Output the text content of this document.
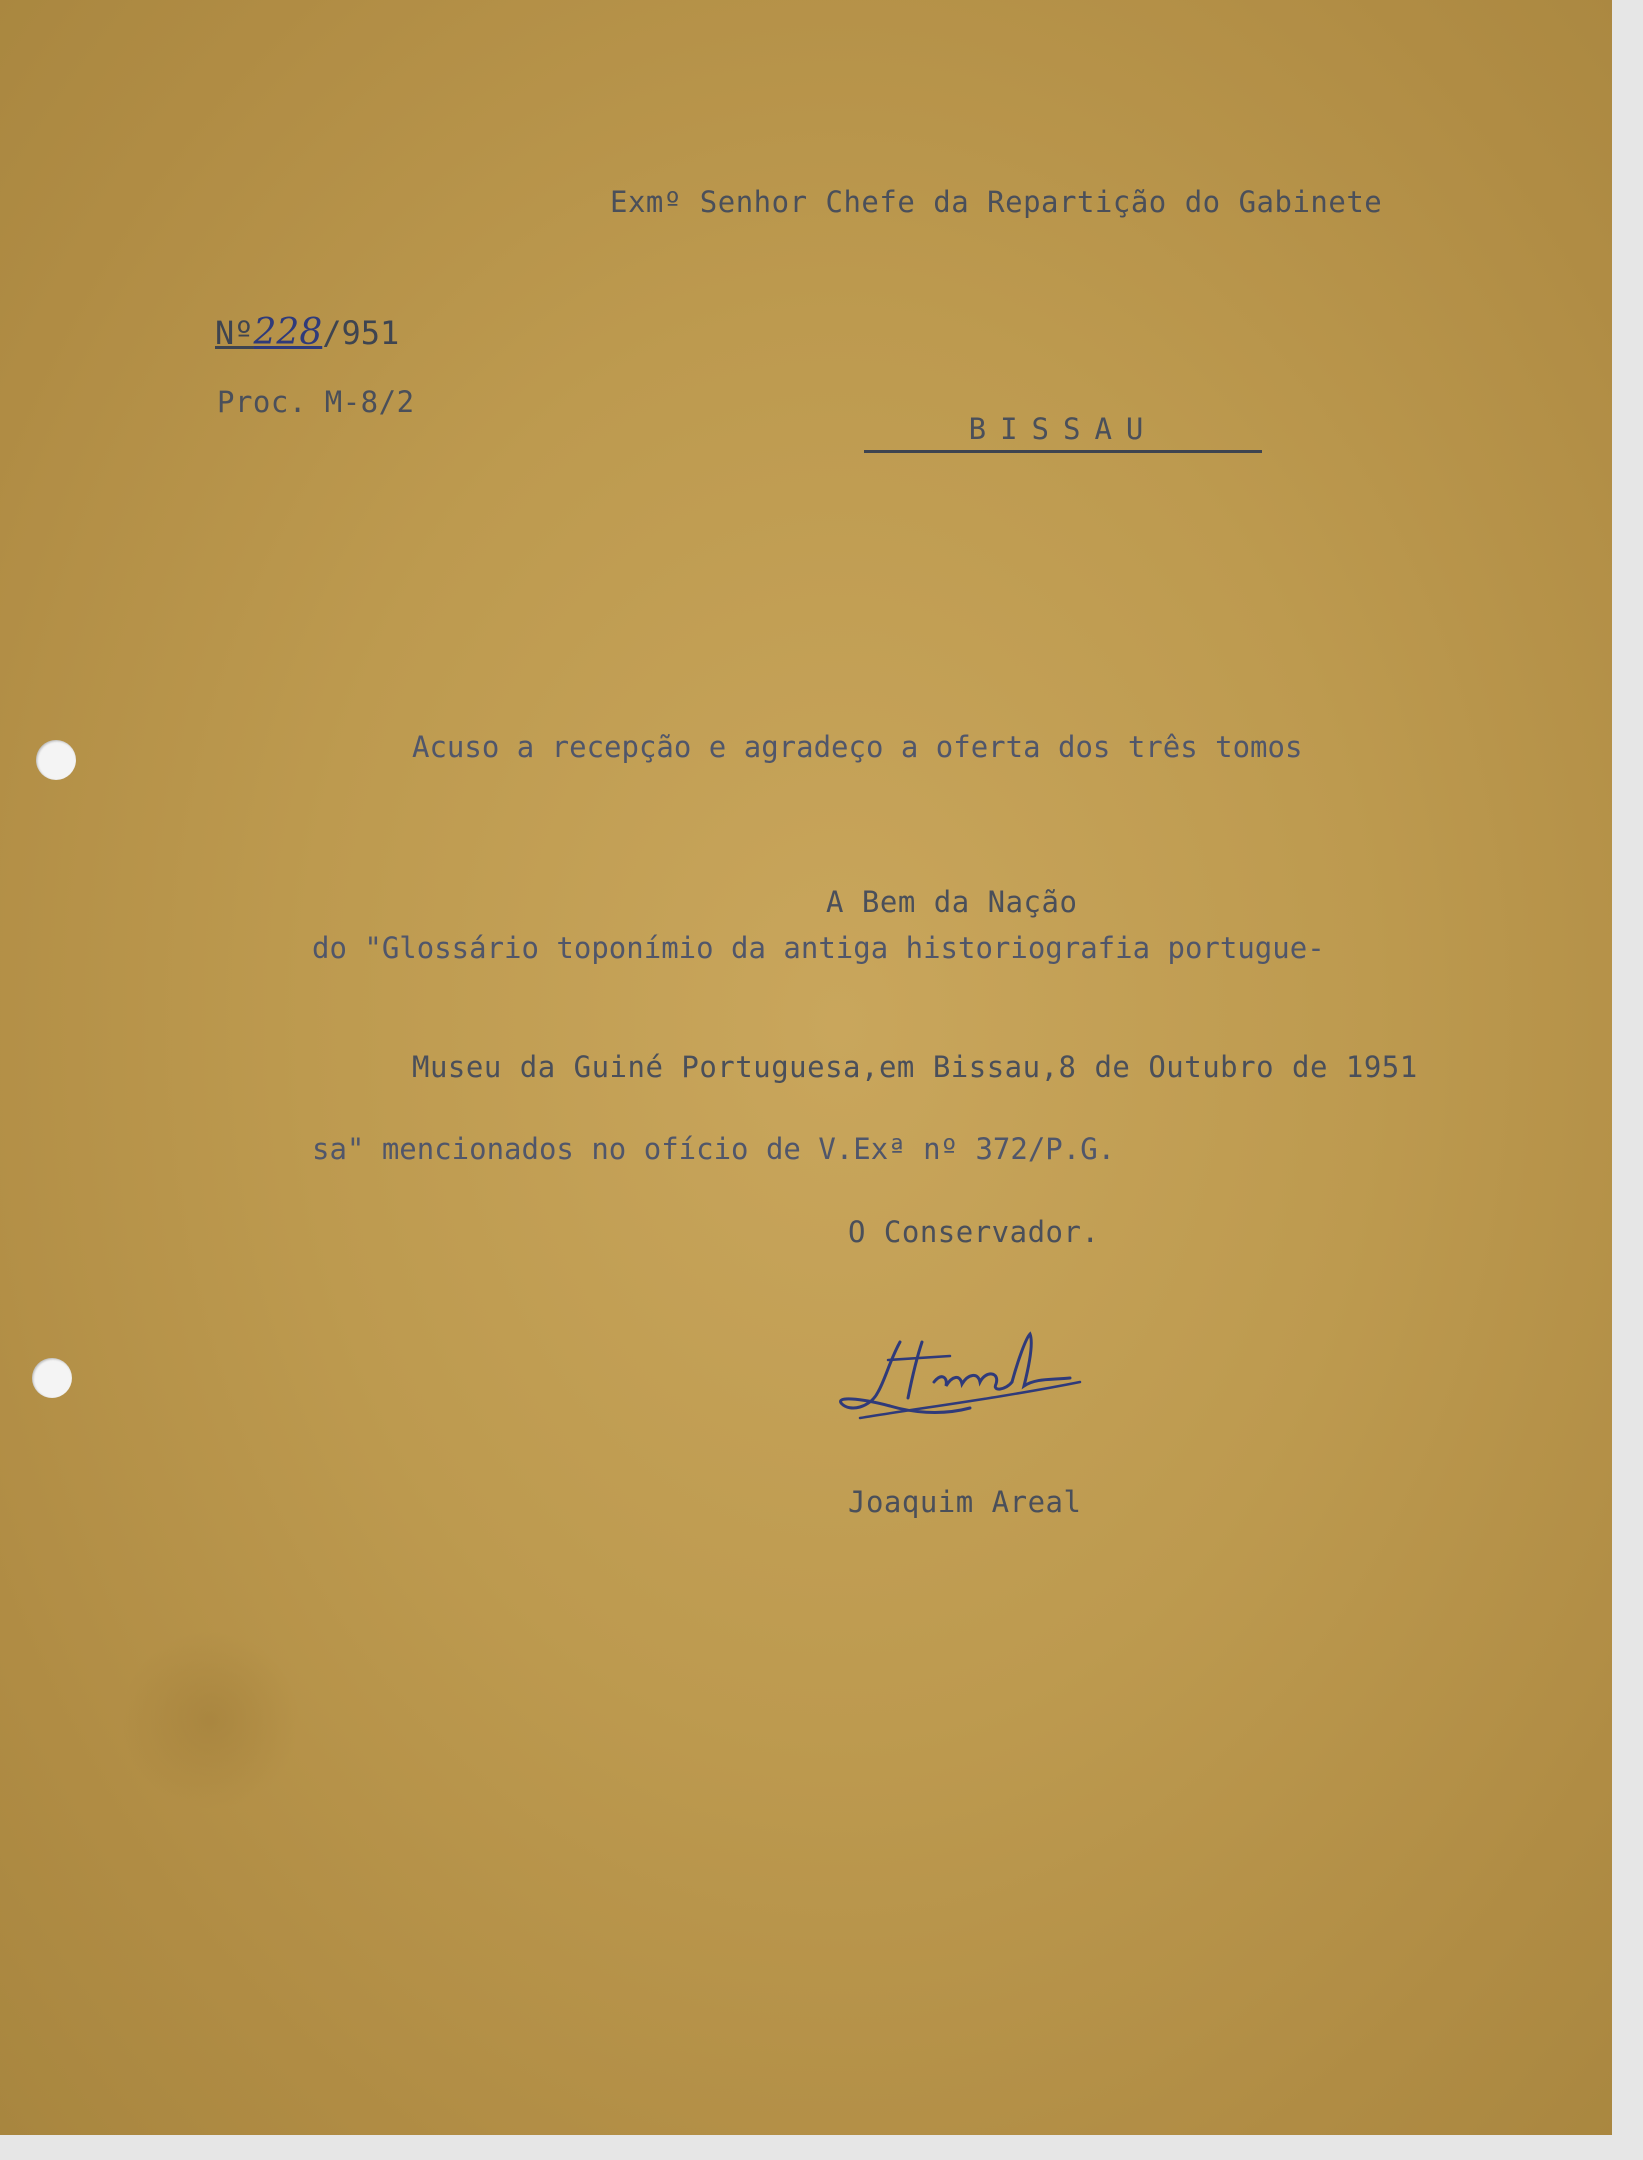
Exmº Senhor Chefe da Repartição do Gabinete
Nº228/951
Proc. M-8/2
BISSAU

Acuso a recepção e agradeço a oferta dos três tomos

do "Glossário toponímio da antiga historiografia portugue-

sa" mencionados no ofício de V.Exª nº 372/P.G.

A Bem da Nação
Museu da Guiné Portuguesa,em Bissau,8 de Outubro de 1951
O Conservador.
Joaquim Areal
